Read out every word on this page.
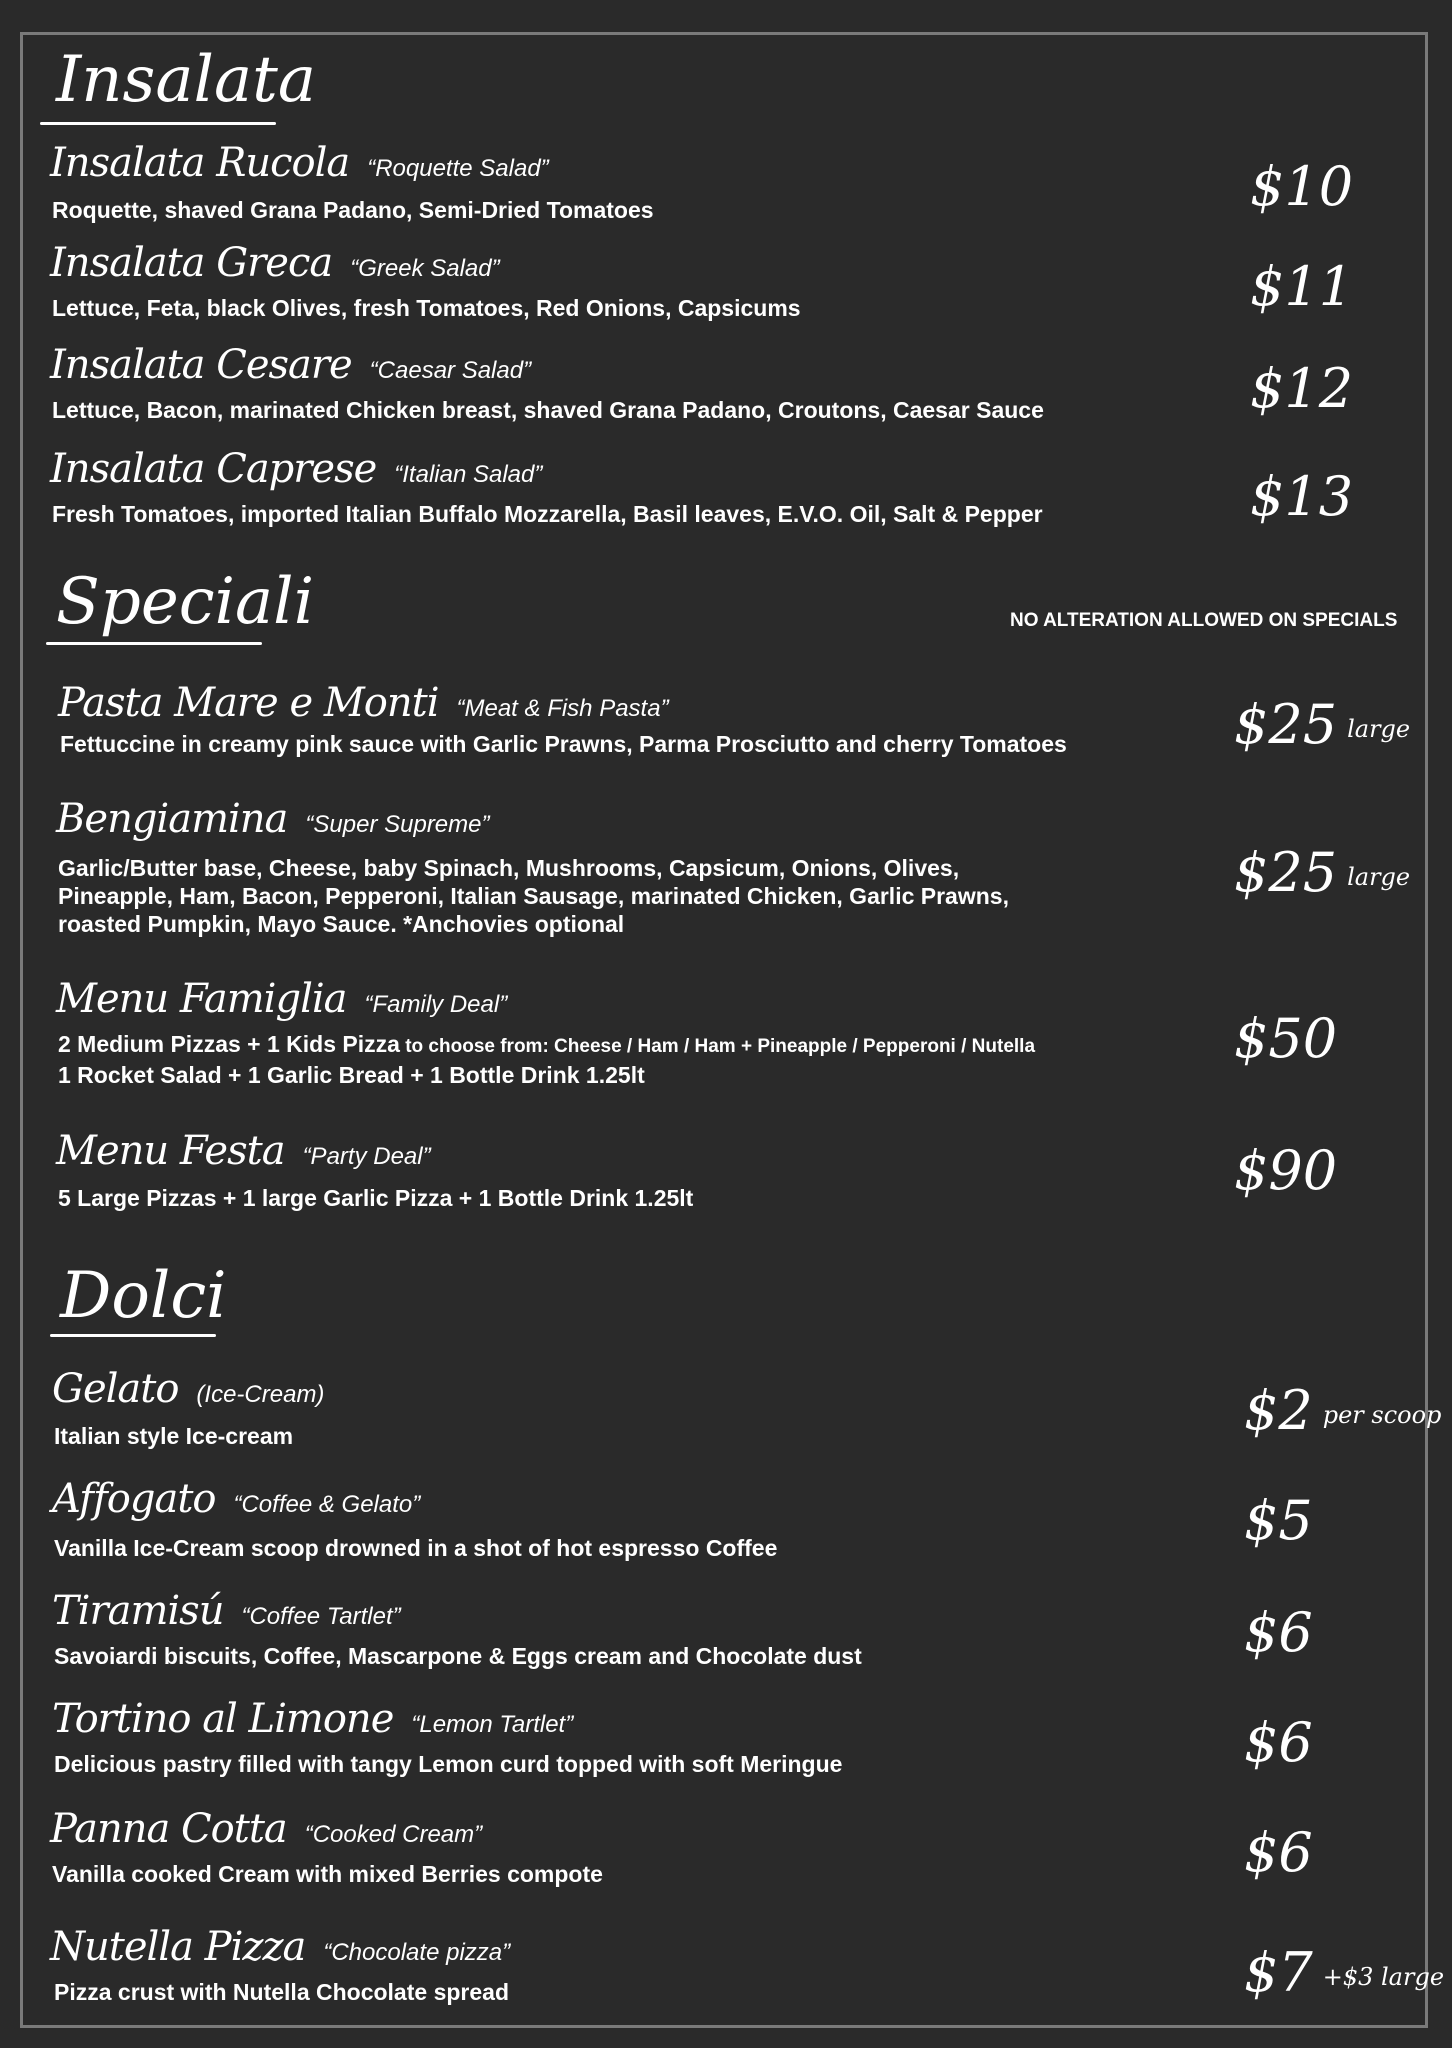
Insalata
Insalata Rucola “Roquette Salad”
Roquette, shaved Grana Padano, Semi-Dried Tomatoes	$10
Insalata Greca “Greek Salad”
Lettuce, Feta, black Olives, fresh Tomatoes, Red Onions, Capsicums	$11
Insalata Cesare “Caesar Salad”
Lettuce, Bacon, marinated Chicken breast, shaved Grana Padano, Croutons, Caesar Sauce	$12
Insalata Caprese “Italian Salad”
Fresh Tomatoes, imported Italian Buffalo Mozzarella, Basil leaves, E.V.O. Oil, Salt & Pepper	$13
Speciali	NO ALTERATION ALLOWED ON SPECIALS
Pasta Mare e Monti “Meat & Fish Pasta”
Fettuccine in creamy pink sauce with Garlic Prawns, Parma Prosciutto and cherry Tomatoes	$25 large
Bengiamina “Super Supreme”
Garlic/Butter base, Cheese, baby Spinach, Mushrooms, Capsicum, Onions, Olives,
Pineapple, Ham, Bacon, Pepperoni, Italian Sausage, marinated Chicken, Garlic Prawns,
roasted Pumpkin, Mayo Sauce. *Anchovies optional
$25 large
Menu Famiglia “Family Deal”
2 Medium Pizzas + 1 Kids Pizza to choose from: Cheese / Ham / Ham + Pineapple / Pepperoni / Nutella
1 Rocket Salad + 1 Garlic Bread + 1 Bottle Drink 1.25lt
$50
Menu Festa “Party Deal”
5 Large Pizzas + 1 large Garlic Pizza + 1 Bottle Drink 1.25lt	$90
Dolci
Gelato (Ice-Cream)
Italian style Ice-cream	$2 per scoop
Affogato “Coffee & Gelato”
Vanilla Ice-Cream scoop drowned in a shot of hot espresso Coffee	$5
Tiramisú “Coffee Tartlet”
Savoiardi biscuits, Coffee, Mascarpone & Eggs cream and Chocolate dust	$6
Tortino al Limone “Lemon Tartlet”
Delicious pastry filled with tangy Lemon curd topped with soft Meringue	$6
Panna Cotta “Cooked Cream”
Vanilla cooked Cream with mixed Berries compote	$6
Nutella Pizza “Chocolate pizza”
Pizza crust with Nutella Chocolate spread	$7 +$3 large
